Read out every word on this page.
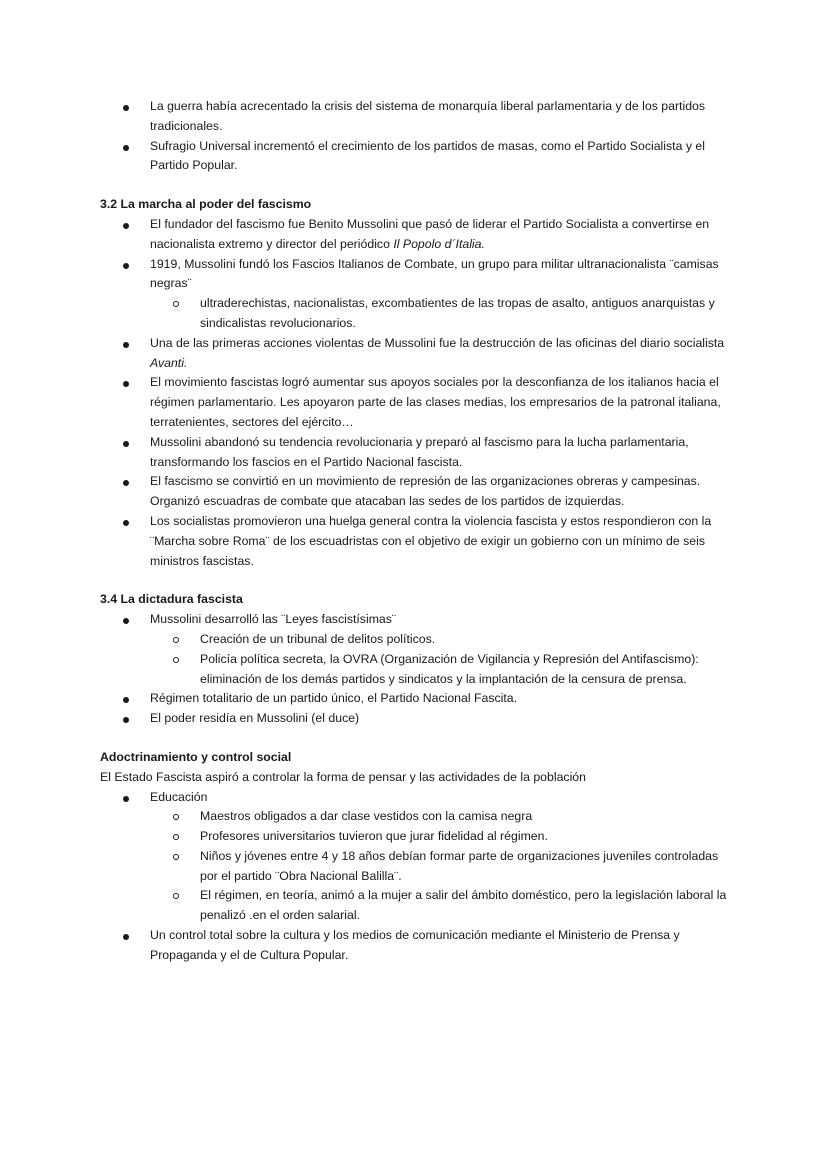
La guerra había acrecentado la crisis del sistema de monarquía liberal parlamentaria y de los partidos tradicionales.
Sufragio Universal incrementó el crecimiento de los partidos de masas, como el Partido Socialista y el Partido Popular.

3.2 La marcha al poder del fascismo

El fundador del fascismo fue Benito Mussolini que pasó de liderar el Partido Socialista a convertirse en nacionalista extremo y director del periódico Il Popolo d´Italia.
1919, Mussolini fundó los Fascios Italianos de Combate, un grupo para militar ultranacionalista ¨camisas negras¨
ultraderechistas, nacionalistas, excombatientes de las tropas de asalto, antiguos anarquistas y sindicalistas revolucionarios.
Una de las primeras acciones violentas de Mussolini fue la destrucción de las oficinas del diario socialista Avanti.
El movimiento fascistas logró aumentar sus apoyos sociales por la desconfianza de los italianos hacia el régimen parlamentario. Les apoyaron parte de las clases medias, los empresarios de la patronal italiana, terratenientes, sectores del ejército…
Mussolini abandonó su tendencia revolucionaria y preparó al fascismo para la lucha parlamentaria, transformando los fascios en el Partido Nacional fascista.
El fascismo se convirtió en un movimiento de represión de las organizaciones obreras y campesinas. Organizó escuadras de combate que atacaban las sedes de los partidos de izquierdas.
Los socialistas promovieron una huelga general contra la violencia fascista y estos respondieron con la ¨Marcha sobre Roma¨ de los escuadristas con el objetivo de exigir un gobierno con un mínimo de seis ministros fascistas.

3.4 La dictadura fascista

Mussolini desarrolló las ¨Leyes fascistísimas¨
Creación de un tribunal de delitos políticos.
Policía política secreta, la OVRA (Organización de Vigilancia y Represión del Antifascismo): eliminación de los demás partidos y sindicatos y la implantación de la censura de prensa.
Régimen totalitario de un partido único, el Partido Nacional Fascita.
El poder residía en Mussolini (el duce)

Adoctrinamiento y control social

El Estado Fascista aspiró a controlar la forma de pensar y las actividades de la población

Educación
Maestros obligados a dar clase vestidos con la camisa negra
Profesores universitarios tuvieron que jurar fidelidad al régimen.
Niños y jóvenes entre 4 y 18 años debían formar parte de organizaciones juveniles controladas por el partido ¨Obra Nacional Balilla¨.
El régimen, en teoría, animó a la mujer a salir del ámbito doméstico, pero la legislación laboral la penalizó .en el orden salarial.
Un control total sobre la cultura y los medios de comunicación mediante el Ministerio de Prensa y Propaganda y el de Cultura Popular.
